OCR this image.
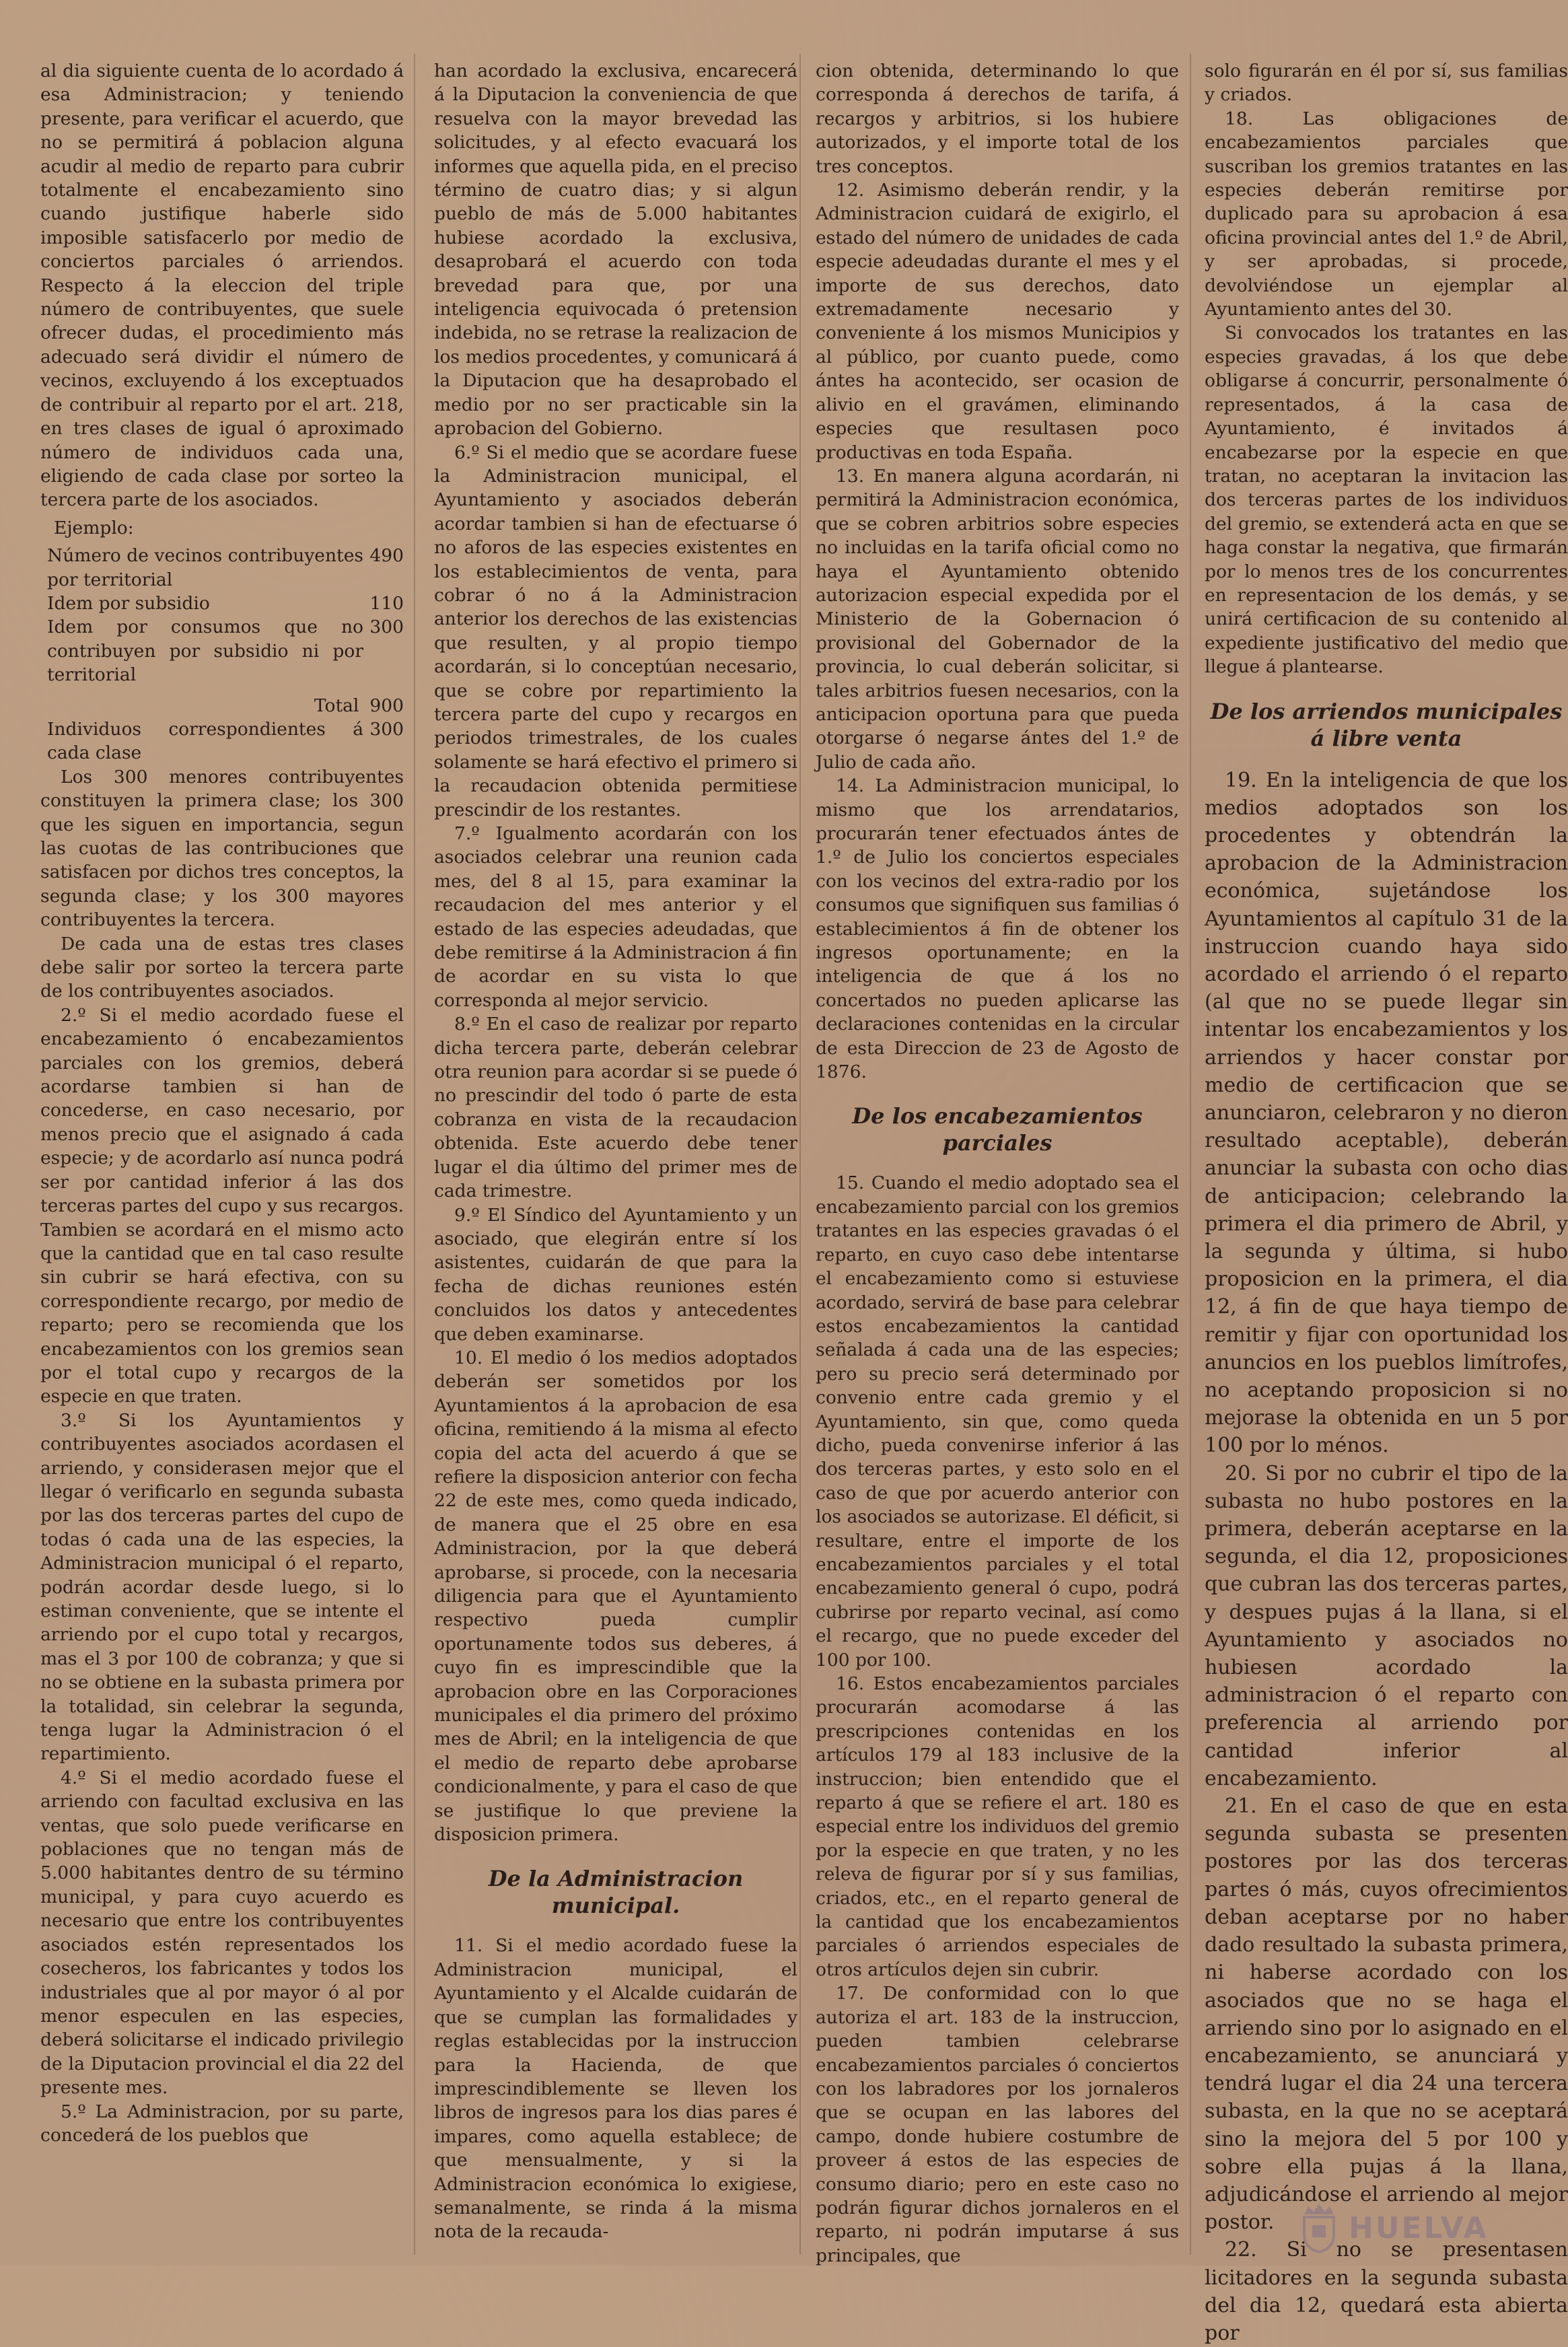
al dia siguiente cuenta de lo acordado á esa Administracion; y teniendo presente, para verificar el acuerdo, que no se permitirá á poblacion alguna acudir al medio de reparto para cubrir totalmente el encabezamiento sino cuando justifique haberle sido imposible satisfacerlo por medio de conciertos parciales ó arriendos. Respecto á la eleccion del triple número de contribuyentes, que suele ofrecer dudas, el procedimiento más adecuado será dividir el número de vecinos, excluyendo á los exceptuados de contribuir al reparto por el art. 218, en tres clases de igual ó aproximado número de individuos cada una, eligiendo de cada clase por sorteo la tercera parte de los asociados.

Ejemplo:
Número de vecinos contribuyentes por territorial
490
Idem por subsidio	110
Idem por consumos que no contribuyen por subsidio ni por territorial
300
Total 900
Individuos correspondientes á cada clase
300

Los 300 menores contribuyentes constituyen la primera clase; los 300 que les siguen en importancia, segun las cuotas de las contribuciones que satisfacen por dichos tres conceptos, la segunda clase; y los 300 mayores contribuyentes la tercera.

De cada una de estas tres clases debe salir por sorteo la tercera parte de los contribuyentes asociados.

2.º Si el medio acordado fuese el encabezamiento ó encabezamientos parciales con los gremios, deberá acordarse tambien si han de concederse, en caso necesario, por menos precio que el asignado á cada especie; y de acordarlo así nunca podrá ser por cantidad inferior á las dos terceras partes del cupo y sus recargos. Tambien se acordará en el mismo acto que la cantidad que en tal caso resulte sin cubrir se hará efectiva, con su correspondiente recargo, por medio de reparto; pero se recomienda que los encabezamientos con los gremios sean por el total cupo y recargos de la especie en que traten.

3.º Si los Ayuntamientos y contribuyentes asociados acordasen el arriendo, y considerasen mejor que el llegar ó verificarlo en segunda subasta por las dos terceras partes del cupo de todas ó cada una de las especies, la Administracion municipal ó el reparto, podrán acordar desde luego, si lo estiman conveniente, que se intente el arriendo por el cupo total y recargos, mas el 3 por 100 de cobranza; y que si no se obtiene en la subasta primera por la totalidad, sin celebrar la segunda, tenga lugar la Administracion ó el repartimiento.

4.º Si el medio acordado fuese el arriendo con facultad exclusiva en las ventas, que solo puede verificarse en poblaciones que no tengan más de 5.000 habitantes dentro de su término municipal, y para cuyo acuerdo es necesario que entre los contribuyentes asociados estén representados los cosecheros, los fabricantes y todos los industriales que al por mayor ó al por menor especulen en las especies, deberá solicitarse el indicado privilegio de la Diputacion provincial el dia 22 del presente mes.

5.º La Administracion, por su parte, concederá de los pueblos que

han acordado la exclusiva, encarecerá á la Diputacion la conveniencia de que resuelva con la mayor brevedad las solicitudes, y al efecto evacuará los informes que aquella pida, en el preciso término de cuatro dias; y si algun pueblo de más de 5.000 habitantes hubiese acordado la exclusiva, desaprobará el acuerdo con toda brevedad para que, por una inteligencia equivocada ó pretension indebida, no se retrase la realizacion de los medios procedentes, y comunicará á la Diputacion que ha desaprobado el medio por no ser practicable sin la aprobacion del Gobierno.

6.º Si el medio que se acordare fuese la Administracion municipal, el Ayuntamiento y asociados deberán acordar tambien si han de efectuarse ó no aforos de las especies existentes en los establecimientos de venta, para cobrar ó no á la Administracion anterior los derechos de las existencias que resulten, y al propio tiempo acordarán, si lo conceptúan necesario, que se cobre por repartimiento la tercera parte del cupo y recargos en periodos trimestrales, de los cuales solamente se hará efectivo el primero si la recaudacion obtenida permitiese prescindir de los restantes.

7.º Igualmento acordarán con los asociados celebrar una reunion cada mes, del 8 al 15, para examinar la recaudacion del mes anterior y el estado de las especies adeudadas, que debe remitirse á la Administracion á fin de acordar en su vista lo que corresponda al mejor servicio.

8.º En el caso de realizar por reparto dicha tercera parte, deberán celebrar otra reunion para acordar si se puede ó no prescindir del todo ó parte de esta cobranza en vista de la recaudacion obtenida. Este acuerdo debe tener lugar el dia último del primer mes de cada trimestre.

9.º El Síndico del Ayuntamiento y un asociado, que elegirán entre sí los asistentes, cuidarán de que para la fecha de dichas reuniones estén concluidos los datos y antecedentes que deben examinarse.

10. El medio ó los medios adoptados deberán ser sometidos por los Ayuntamientos á la aprobacion de esa oficina, remitiendo á la misma al efecto copia del acta del acuerdo á que se refiere la disposicion anterior con fecha 22 de este mes, como queda indicado, de manera que el 25 obre en esa Administracion, por la que deberá aprobarse, si procede, con la necesaria diligencia para que el Ayuntamiento respectivo pueda cumplir oportunamente todos sus deberes, á cuyo fin es imprescindible que la aprobacion obre en las Corporaciones municipales el dia primero del próximo mes de Abril; en la inteligencia de que el medio de reparto debe aprobarse condicionalmente, y para el caso de que se justifique lo que previene la disposicion primera.

De la Administracion municipal.

11. Si el medio acordado fuese la Administracion municipal, el Ayuntamiento y el Alcalde cuidarán de que se cumplan las formalidades y reglas establecidas por la instruccion para la Hacienda, de que imprescindiblemente se lleven los libros de ingresos para los dias pares é impares, como aquella establece; de que mensualmente, y si la Administracion económica lo exigiese, semanalmente, se rinda á la misma nota de la recauda-

cion obtenida, determinando lo que corresponda á derechos de tarifa, á recargos y arbitrios, si los hubiere autorizados, y el importe total de los tres conceptos.

12. Asimismo deberán rendir, y la Administracion cuidará de exigirlo, el estado del número de unidades de cada especie adeudadas durante el mes y el importe de sus derechos, dato extremadamente necesario y conveniente á los mismos Municipios y al público, por cuanto puede, como ántes ha acontecido, ser ocasion de alivio en el gravámen, eliminando especies que resultasen poco productivas en toda España.

13. En manera alguna acordarán, ni permitirá la Administracion económica, que se cobren arbitrios sobre especies no incluidas en la tarifa oficial como no haya el Ayuntamiento obtenido autorizacion especial expedida por el Ministerio de la Gobernacion ó provisional del Gobernador de la provincia, lo cual deberán solicitar, si tales arbitrios fuesen necesarios, con la anticipacion oportuna para que pueda otorgarse ó negarse ántes del 1.º de Julio de cada año.

14. La Administracion municipal, lo mismo que los arrendatarios, procurarán tener efectuados ántes de 1.º de Julio los conciertos especiales con los vecinos del extra-radio por los consumos que signifiquen sus familias ó establecimientos á fin de obtener los ingresos oportunamente; en la inteligencia de que á los no concertados no pueden aplicarse las declaraciones contenidas en la circular de esta Direccion de 23 de Agosto de 1876.

De los encabezamientos parciales

15. Cuando el medio adoptado sea el encabezamiento parcial con los gremios tratantes en las especies gravadas ó el reparto, en cuyo caso debe intentarse el encabezamiento como si estuviese acordado, servirá de base para celebrar estos encabezamientos la cantidad señalada á cada una de las especies; pero su precio será determinado por convenio entre cada gremio y el Ayuntamiento, sin que, como queda dicho, pueda convenirse inferior á las dos terceras partes, y esto solo en el caso de que por acuerdo anterior con los asociados se autorizase. El déficit, si resultare, entre el importe de los encabezamientos parciales y el total encabezamiento general ó cupo, podrá cubrirse por reparto vecinal, así como el recargo, que no puede exceder del 100 por 100.

16. Estos encabezamientos parciales procurarán acomodarse á las prescripciones contenidas en los artículos 179 al 183 inclusive de la instruccion; bien entendido que el reparto á que se refiere el art. 180 es especial entre los individuos del gremio por la especie en que traten, y no les releva de figurar por sí y sus familias, criados, etc., en el reparto general de la cantidad que los encabezamientos parciales ó arriendos especiales de otros artículos dejen sin cubrir.

17. De conformidad con lo que autoriza el art. 183 de la instruccion, pueden tambien celebrarse encabezamientos parciales ó conciertos con los labradores por los jornaleros que se ocupan en las labores del campo, donde hubiere costumbre de proveer á estos de las especies de consumo diario; pero en este caso no podrán figurar dichos jornaleros en el reparto, ni podrán imputarse á sus principales, que

solo figurarán en él por sí, sus familias y criados.

18. Las obligaciones de encabezamientos parciales que suscriban los gremios tratantes en las especies deberán remitirse por duplicado para su aprobacion á esa oficina provincial antes del 1.º de Abril, y ser aprobadas, si procede, devolviéndose un ejemplar al Ayuntamiento antes del 30.

Si convocados los tratantes en las especies gravadas, á los que debe obligarse á concurrir, personalmente ó representados, á la casa de Ayuntamiento, é invitados á encabezarse por la especie en que tratan, no aceptaran la invitacion las dos terceras partes de los individuos del gremio, se extenderá acta en que se haga constar la negativa, que firmarán por lo menos tres de los concurrentes en representacion de los demás, y se unirá certificacion de su contenido al expediente justificativo del medio que llegue á plantearse.

De los arriendos municipales á libre venta

19. En la inteligencia de que los medios adoptados son los procedentes y obtendrán la aprobacion de la Administracion económica, sujetándose los Ayuntamientos al capítulo 31 de la instruccion cuando haya sido acordado el arriendo ó el reparto (al que no se puede llegar sin intentar los encabezamientos y los arriendos y hacer constar por medio de certificacion que se anunciaron, celebraron y no dieron resultado aceptable), deberán anunciar la subasta con ocho dias de anticipacion; celebrando la primera el dia primero de Abril, y la segunda y última, si hubo proposicion en la primera, el dia 12, á fin de que haya tiempo de remitir y fijar con oportunidad los anuncios en los pueblos limítrofes, no aceptando proposicion si no mejorase la obtenida en un 5 por 100 por lo ménos.

20. Si por no cubrir el tipo de la subasta no hubo postores en la primera, deberán aceptarse en la segunda, el dia 12, proposiciones que cubran las dos terceras partes, y despues pujas á la llana, si el Ayuntamiento y asociados no hubiesen acordado la administracion ó el reparto con preferencia al arriendo por cantidad inferior al encabezamiento.

21. En el caso de que en esta segunda subasta se presenten postores por las dos terceras partes ó más, cuyos ofrecimientos deban aceptarse por no haber dado resultado la subasta primera, ni haberse acordado con los asociados que no se haga el arriendo sino por lo asignado en el encabezamiento, se anunciará y tendrá lugar el dia 24 una tercera subasta, en la que no se aceptará sino la mejora del 5 por 100 y sobre ella pujas á la llana, adjudicándose el arriendo al mejor postor.

22. Si no se presentasen licitadores en la segunda subasta del dia 12, quedará esta abierta por

HUELVA
